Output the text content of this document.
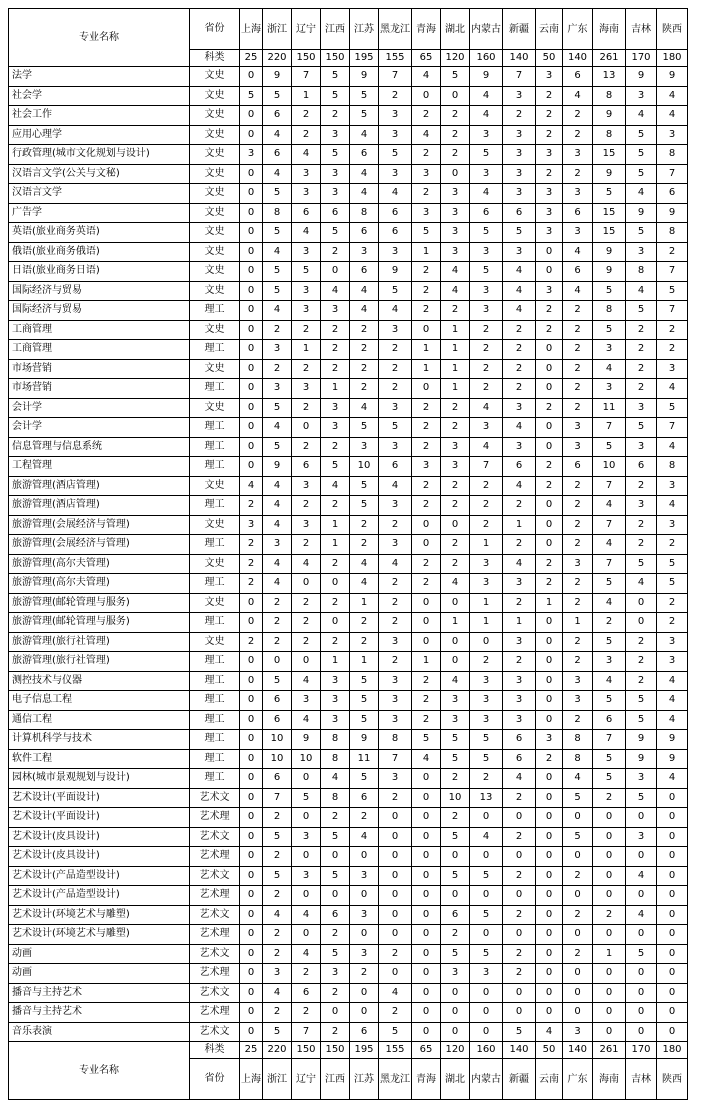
专业名称	省份	上海	浙江	辽宁	江西	江苏	黑龙江	青海	湖北	内蒙古	新疆	云南	广东	海南	吉林	陕西
	科类	25	220	150	150	195	155	65	120	160	140	50	140	261	170	180
法学	文史	0	9	7	5	9	7	4	5	9	7	3	6	13	9	9
社会学	文史	5	5	1	5	5	2	0	0	4	3	2	4	8	3	4
社会工作	文史	0	6	2	2	5	3	2	2	4	2	2	2	9	4	4
应用心理学	文史	0	4	2	3	4	3	4	2	3	3	2	2	8	5	3
行政管理(城市文化规划与设计)	文史	3	6	4	5	6	5	2	2	5	3	3	3	15	5	8
汉语言文学(公关与文秘)	文史	0	4	3	3	4	3	3	0	3	3	2	2	9	5	7
汉语言文学	文史	0	5	3	3	4	4	2	3	4	3	3	3	5	4	6
广告学	文史	0	8	6	6	8	6	3	3	6	6	3	6	15	9	9
英语(旅业商务英语)	文史	0	5	4	5	6	6	5	3	5	5	3	3	15	5	8
俄语(旅业商务俄语)	文史	0	4	3	2	3	3	1	3	3	3	0	4	9	3	2
日语(旅业商务日语)	文史	0	5	5	0	6	9	2	4	5	4	0	6	9	8	7
国际经济与贸易	文史	0	5	3	4	4	5	2	4	3	4	3	4	5	4	5
国际经济与贸易	理工	0	4	3	3	4	4	2	2	3	4	2	2	8	5	7
工商管理	文史	0	2	2	2	2	3	0	1	2	2	2	2	5	2	2
工商管理	理工	0	3	1	2	2	2	1	1	2	2	0	2	3	2	2
市场营销	文史	0	2	2	2	2	2	1	1	2	2	0	2	4	2	3
市场营销	理工	0	3	3	1	2	2	0	1	2	2	0	2	3	2	4
会计学	文史	0	5	2	3	4	3	2	2	4	3	2	2	11	3	5
会计学	理工	0	4	0	3	5	5	2	2	3	4	0	3	7	5	7
信息管理与信息系统	理工	0	5	2	2	3	3	2	3	4	3	0	3	5	3	4
工程管理	理工	0	9	6	5	10	6	3	3	7	6	2	6	10	6	8
旅游管理(酒店管理)	文史	4	4	3	4	5	4	2	2	2	4	2	2	7	2	3
旅游管理(酒店管理)	理工	2	4	2	2	5	3	2	2	2	2	0	2	4	3	4
旅游管理(会展经济与管理)	文史	3	4	3	1	2	2	0	0	2	1	0	2	7	2	3
旅游管理(会展经济与管理)	理工	2	3	2	1	2	3	0	2	1	2	0	2	4	2	2
旅游管理(高尔夫管理)	文史	2	4	4	2	4	4	2	2	3	4	2	3	7	5	5
旅游管理(高尔夫管理)	理工	2	4	0	0	4	2	2	4	3	3	2	2	5	4	5
旅游管理(邮轮管理与服务)	文史	0	2	2	2	1	2	0	0	1	2	1	2	4	0	2
旅游管理(邮轮管理与服务)	理工	0	2	2	0	2	2	0	1	1	1	0	1	2	0	2
旅游管理(旅行社管理)	文史	2	2	2	2	2	3	0	0	0	3	0	2	5	2	3
旅游管理(旅行社管理)	理工	0	0	0	1	1	2	1	0	2	2	0	2	3	2	3
测控技术与仪器	理工	0	5	4	3	5	3	2	4	3	3	0	3	4	2	4
电子信息工程	理工	0	6	3	3	5	3	2	3	3	3	0	3	5	5	4
通信工程	理工	0	6	4	3	5	3	2	3	3	3	0	2	6	5	4
计算机科学与技术	理工	0	10	9	8	9	8	5	5	5	6	3	8	7	9	9
软件工程	理工	0	10	10	8	11	7	4	5	5	6	2	8	5	9	9
园林(城市景观规划与设计)	理工	0	6	0	4	5	3	0	2	2	4	0	4	5	3	4
艺术设计(平面设计)	艺术文	0	7	5	8	6	2	0	10	13	2	0	5	2	5	0
艺术设计(平面设计)	艺术理	0	2	0	2	2	0	0	2	0	0	0	0	0	0	0
艺术设计(皮具设计)	艺术文	0	5	3	5	4	0	0	5	4	2	0	5	0	3	0
艺术设计(皮具设计)	艺术理	0	2	0	0	0	0	0	0	0	0	0	0	0	0	0
艺术设计(产品造型设计)	艺术文	0	5	3	5	3	0	0	5	5	2	0	2	0	4	0
艺术设计(产品造型设计)	艺术理	0	2	0	0	0	0	0	0	0	0	0	0	0	0	0
艺术设计(环境艺术与雕塑)	艺术文	0	4	4	6	3	0	0	6	5	2	0	2	2	4	0
艺术设计(环境艺术与雕塑)	艺术理	0	2	0	2	0	0	0	2	0	0	0	0	0	0	0
动画	艺术文	0	2	4	5	3	2	0	5	5	2	0	2	1	5	0
动画	艺术理	0	3	2	3	2	0	0	3	3	2	0	0	0	0	0
播音与主持艺术	艺术文	0	4	6	2	0	4	0	0	0	0	0	0	0	0	0
播音与主持艺术	艺术理	0	2	2	0	0	2	0	0	0	0	0	0	0	0	0
音乐表演	艺术文	0	5	7	2	6	5	0	0	0	5	4	3	0	0	0
专业名称	科类	25	220	150	150	195	155	65	120	160	140	50	140	261	170	180
	省份	上海	浙江	辽宁	江西	江苏	黑龙江	青海	湖北	内蒙古	新疆	云南	广东	海南	吉林	陕西
